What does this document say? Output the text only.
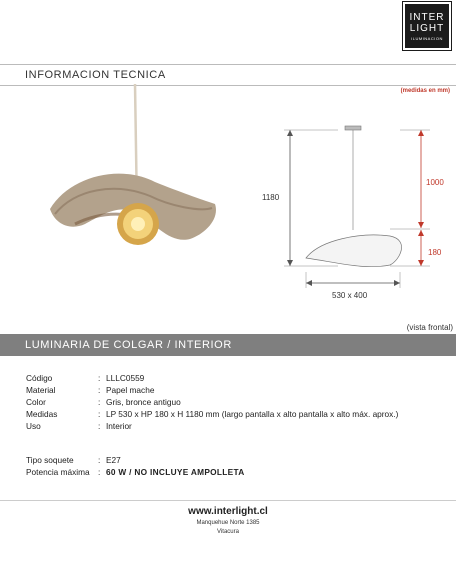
INTER
LIGHT
ILUMINACION
INFORMACION TECNICA
(medidas en mm)
1180
1000
180
530 x 400
(vista frontal)
LUMINARIA DE COLGAR / INTERIOR
Código	: LLLC0559
Material	: Papel mache
Color	: Gris, bronce antiguo
Medidas	: LP 530 x HP 180 x H 1180 mm (largo pantalla x alto pantalla x alto máx. aprox.)
Uso	: Interior
Tipo soquete	: E27
Potencia máxima	: 60 W / NO INCLUYE AMPOLLETA
www.interlight.cl
Manquehue Norte 1385
Vitacura
